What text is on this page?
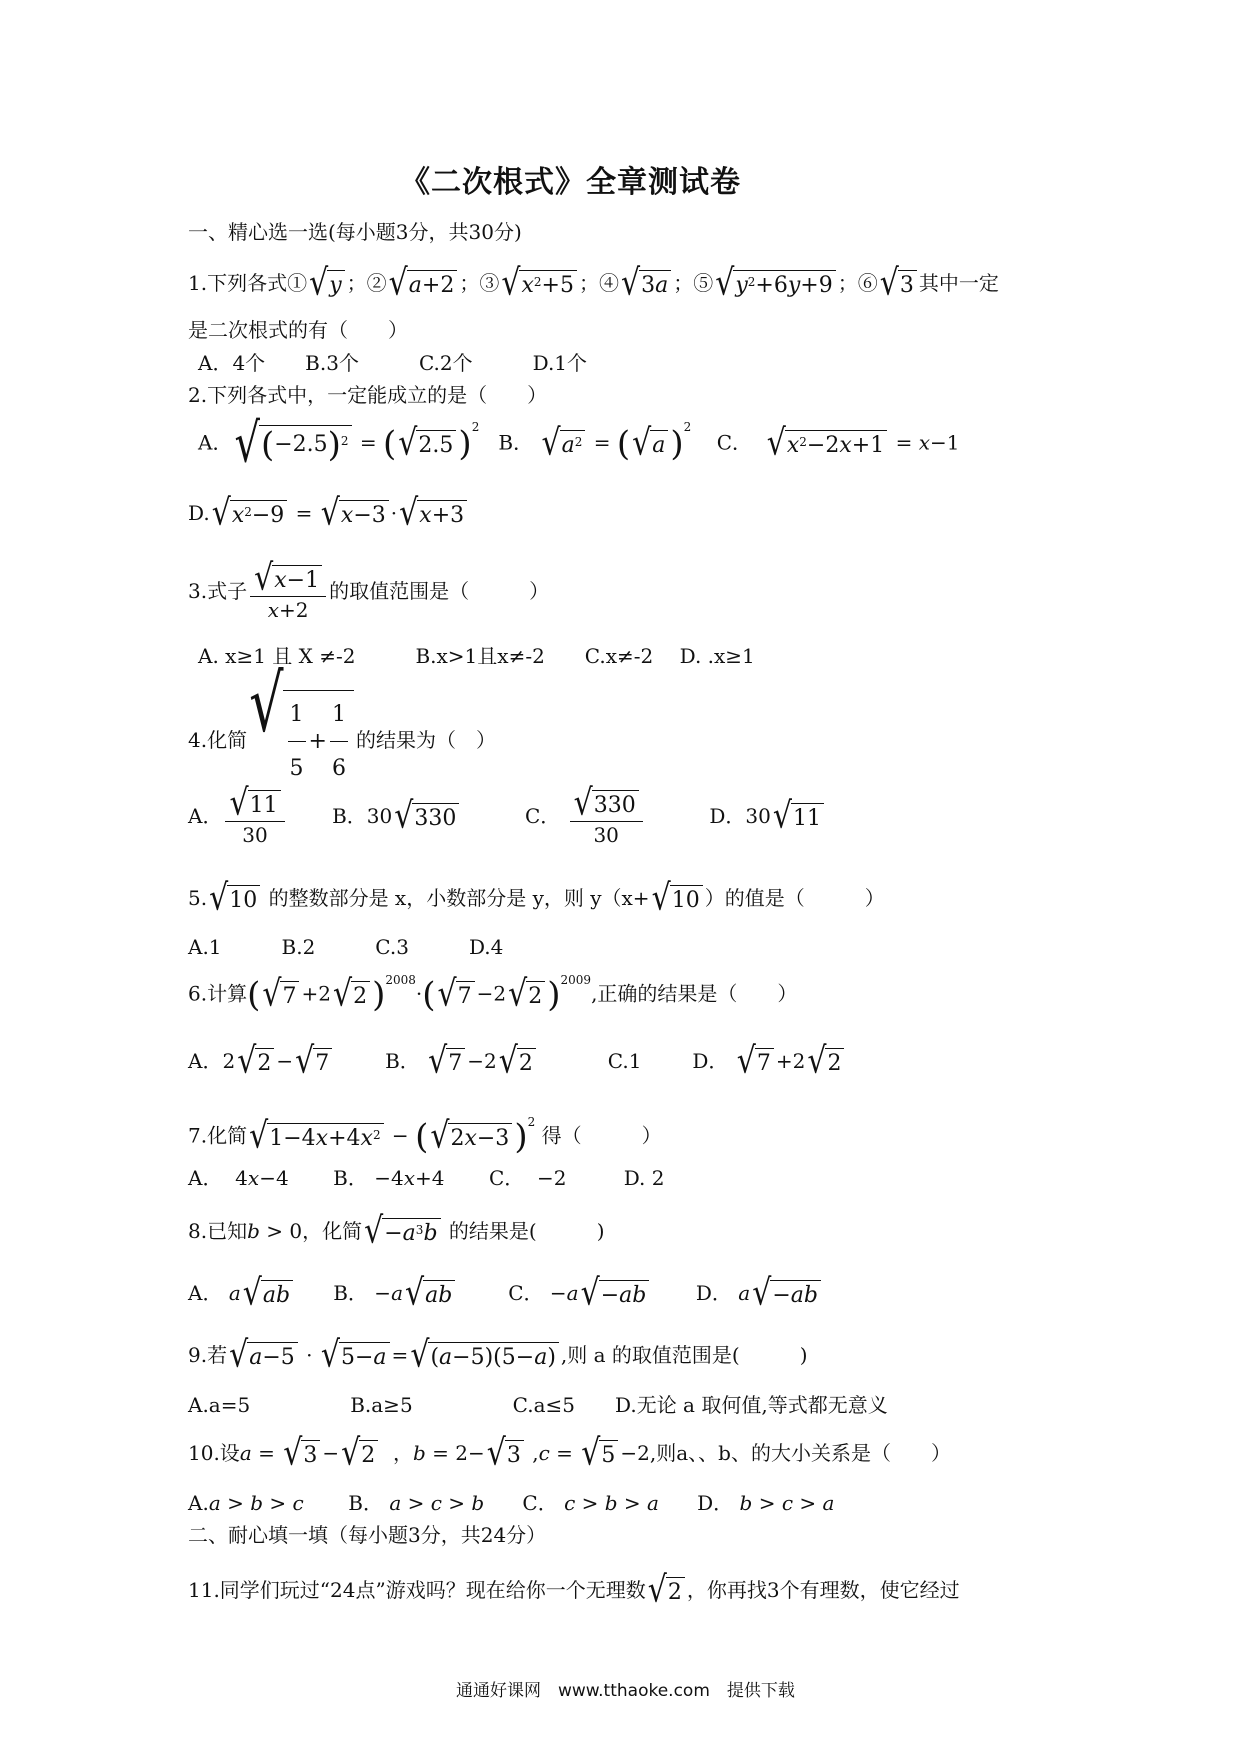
《二次根式》全章测试卷
一、精心选一选(每小题3分，共30分)
1.下列各式① √ y ；② √ a+2 ；③ √ $x^2+5$ ；④ √ 3a ；⑤ √ $y^2+6y+9$ ；⑥ √ 3 其中一定
是二次根式的有（　　）
A．4个　　B.3个　　　C.2个　　　D.1个
2.下列各式中，一定能成立的是（　　）
A． √ $(-2.5)^2$ = ( √ 2.5 )$^2$   B． √ $a^2$ = ( √ a )$^2$    C． √ $x^2-2x+1 = x-1$
D. √ $x^2-9$ = √ x−3 · √ x+3
3.式子 $\frac{√ x-1}{x+2}$ 的取值范围是（　　　）
A. x≥1 且 X ≠-2　　　B.x>1且x≠-2　　C.x≠-2　 D. .x≥1
4.化简 √ $\frac{1}{5} + \frac{1}{6}$ 的结果为（　）
A． $\frac{√ 11}{30}$ B．30 √ 330	C． $\frac{√ 330}{30}$	D．30 √ 11
5. √ 10 的整数部分是 x，小数部分是 y，则 y（x+ √ 10 ）的值是（　　　）
A.1　　　B.2　　　C.3　　　D.4
6.计算( √ 7 +2 √ 2 )$^{2008}$·( √ 7 −2 √ 2 )$^{2009}$,正确的结果是（　　）
A．2 √ 2 − √ 7	B． √ 7 −2 √ 2	C.1	D． √ 7 +2 √ 2
7.化简 √ $1-4x+4x^2$ − ( √ 2x−3 )$^2$ 得（　　　）
A．  4x−4       B． −4x+4       C．  −2         D. 2
8.已知b > 0，化简 √ $-a^3b$ 的结果是(　　　)
A． a √ ab B． −a √ ab	C． −a √ −ab D． a √ −ab
9.若 √ a−5 · √ 5−a = √ (a−5)(5−a) ,则 a 的取值范围是(　　　)
A.a=5　　　　　B.a≥5　　　　　C.a≤5　　D.无论 a 取何值,等式都无意义
10.设a = √ 3 − √ 2 ，b = 2− √ 3 ,c = √ 5 −2,则a、、b、的大小关系是（　　）
A.a > b > c B． a > c > b C． c > b > a D． b > c > a
二、耐心填一填（每小题3分，共24分）
11.同学们玩过“24点”游戏吗？现在给你一个无理数 √ 2 ，你再找3个有理数，使它经过
通通好课网　www.tthaoke.com　提供下载
